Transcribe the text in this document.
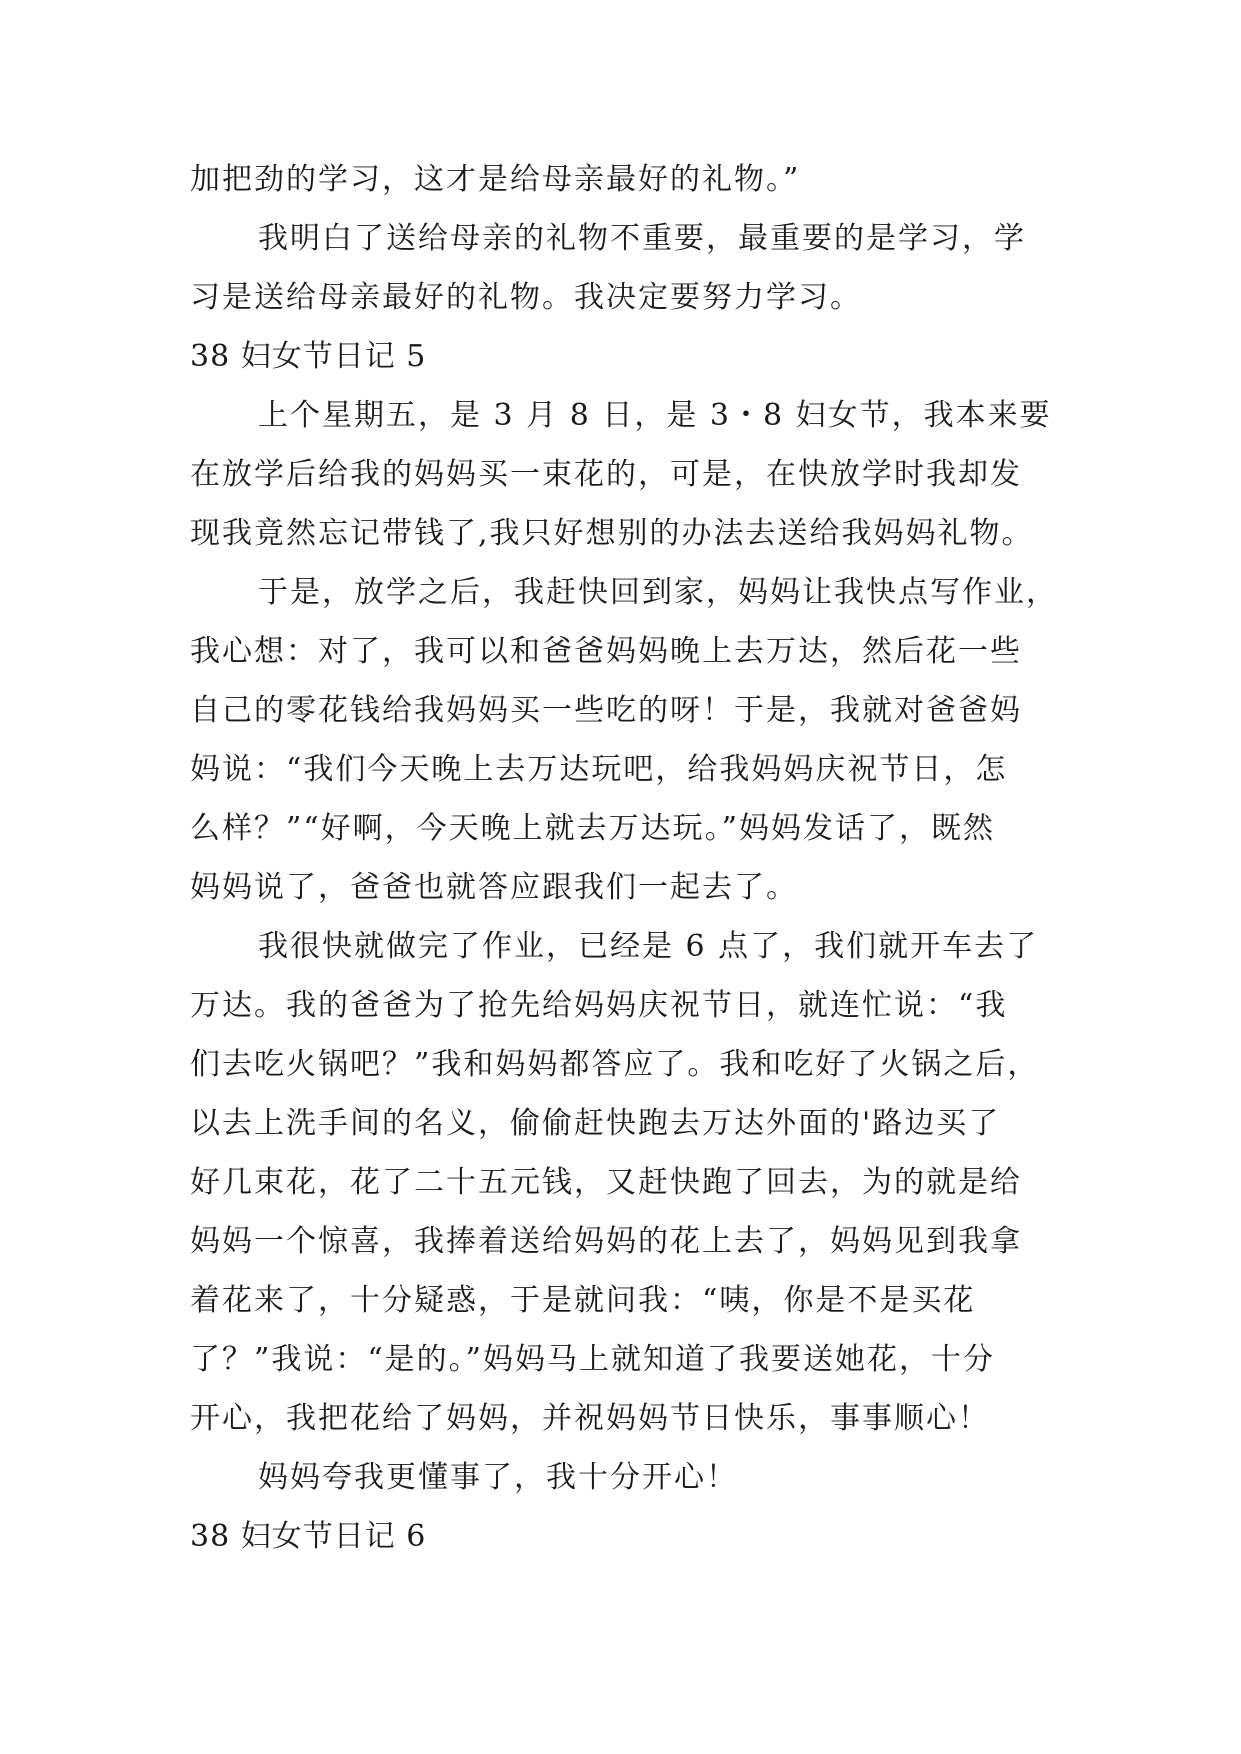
加把劲的学习，这才是给母亲最好的礼物。”
我明白了送给母亲的礼物不重要，最重要的是学习，学
习是送给母亲最好的礼物。我决定要努力学习。
38 妇女节日记 5
上个星期五，是 3 月 8 日，是 3・8 妇女节，我本来要
在放学后给我的妈妈买一束花的，可是，在快放学时我却发
现我竟然忘记带钱了,我只好想别的办法去送给我妈妈礼物。
于是，放学之后，我赶快回到家，妈妈让我快点写作业，
我心想：对了，我可以和爸爸妈妈晚上去万达，然后花一些
自己的零花钱给我妈妈买一些吃的呀！于是，我就对爸爸妈
妈说：“我们今天晚上去万达玩吧，给我妈妈庆祝节日，怎
么样？”“好啊，今天晚上就去万达玩。”妈妈发话了，既然
妈妈说了，爸爸也就答应跟我们一起去了。
我很快就做完了作业，已经是 6 点了，我们就开车去了
万达。我的爸爸为了抢先给妈妈庆祝节日，就连忙说：“我
们去吃火锅吧？”我和妈妈都答应了。我和吃好了火锅之后，
以去上洗手间的名义，偷偷赶快跑去万达外面的'路边买了
好几束花，花了二十五元钱，又赶快跑了回去，为的就是给
妈妈一个惊喜，我捧着送给妈妈的花上去了，妈妈见到我拿
着花来了，十分疑惑，于是就问我：“咦，你是不是买花
了？”我说：“是的。”妈妈马上就知道了我要送她花，十分
开心，我把花给了妈妈，并祝妈妈节日快乐，事事顺心！
妈妈夸我更懂事了，我十分开心！
38 妇女节日记 6
